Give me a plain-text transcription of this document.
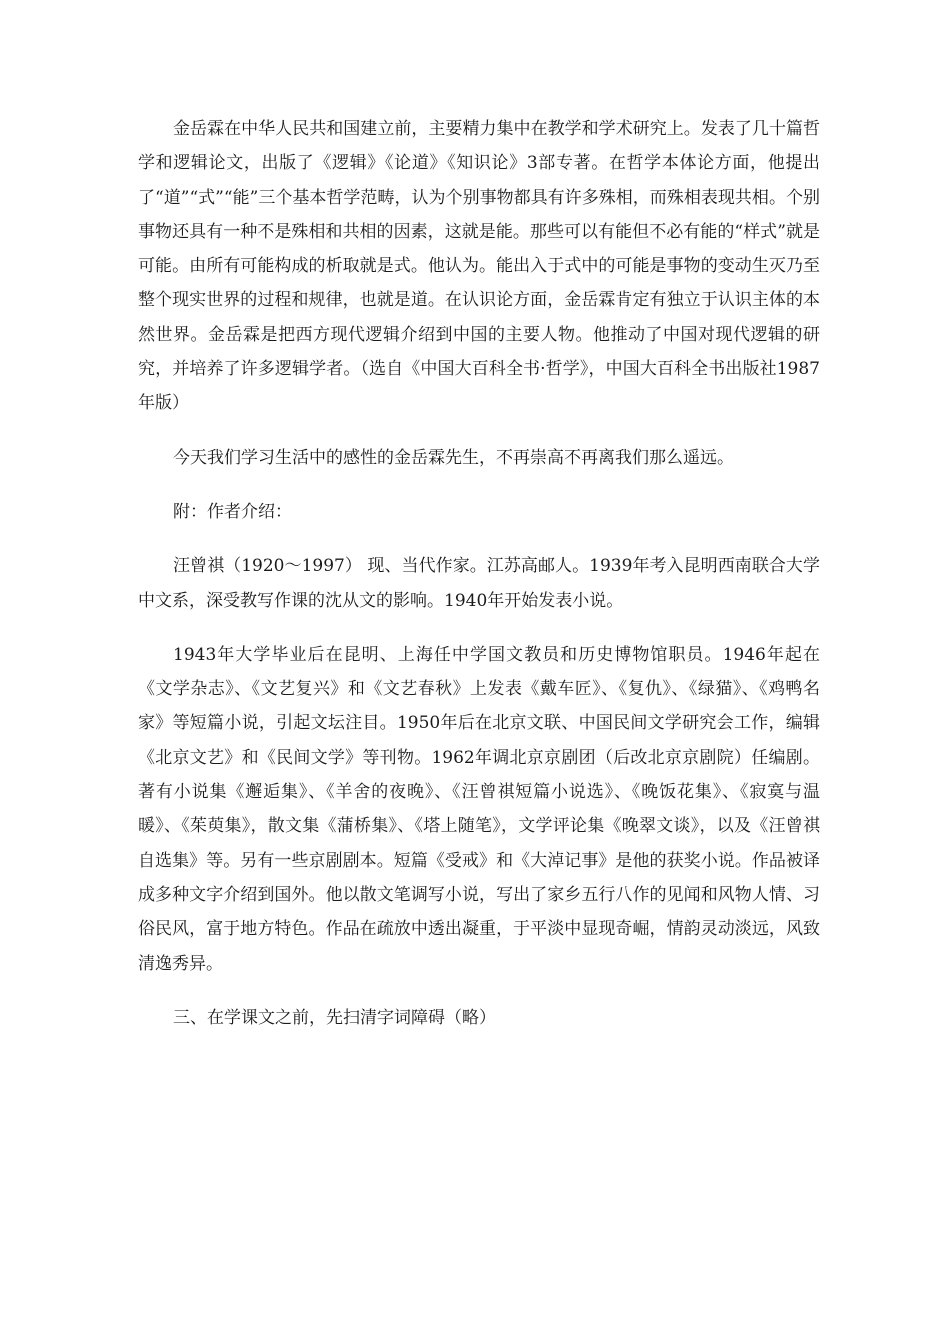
金岳霖在中华人民共和国建立前，主要精力集中在教学和学术研究上。发表了几十篇哲学和逻辑论文，出版了《逻辑》《论道》《知识论》3部专著。在哲学本体论方面，他提出了“道”“式”“能”三个基本哲学范畴，认为个别事物都具有许多殊相，而殊相表现共相。个别事物还具有一种不是殊相和共相的因素，这就是能。那些可以有能但不必有能的“样式”就是可能。由所有可能构成的析取就是式。他认为。能出入于式中的可能是事物的变动生灭乃至整个现实世界的过程和规律，也就是道。在认识论方面，金岳霖肯定有独立于认识主体的本然世界。金岳霖是把西方现代逻辑介绍到中国的主要人物。他推动了中国对现代逻辑的研究，并培养了许多逻辑学者。（选自《中国大百科全书·哲学》，中国大百科全书出版社1987年版）

今天我们学习生活中的感性的金岳霖先生，不再崇高不再离我们那么遥远。

附：作者介绍：

汪曾祺（1920～1997） 现、当代作家。江苏高邮人。1939年考入昆明西南联合大学中文系，深受教写作课的沈从文的影响。1940年开始发表小说。

1943年大学毕业后在昆明、上海任中学国文教员和历史博物馆职员。1946年起在《文学杂志》、《文艺复兴》和《文艺春秋》上发表《戴车匠》、《复仇》、《绿猫》、《鸡鸭名家》等短篇小说，引起文坛注目。1950年后在北京文联、中国民间文学研究会工作，编辑《北京文艺》和《民间文学》等刊物。1962年调北京京剧团（后改北京京剧院）任编剧。著有小说集《邂逅集》、《羊舍的夜晚》、《汪曾祺短篇小说选》、《晚饭花集》、《寂寞与温暖》、《茱萸集》，散文集《蒲桥集》、《塔上随笔》，文学评论集《晚翠文谈》，以及《汪曾祺自选集》等。另有一些京剧剧本。短篇《受戒》和《大淖记事》是他的获奖小说。作品被译成多种文字介绍到国外。他以散文笔调写小说，写出了家乡五行八作的见闻和风物人情、习俗民风，富于地方特色。作品在疏放中透出凝重，于平淡中显现奇崛，情韵灵动淡远，风致清逸秀异。

三、在学课文之前，先扫清字词障碍（略）
